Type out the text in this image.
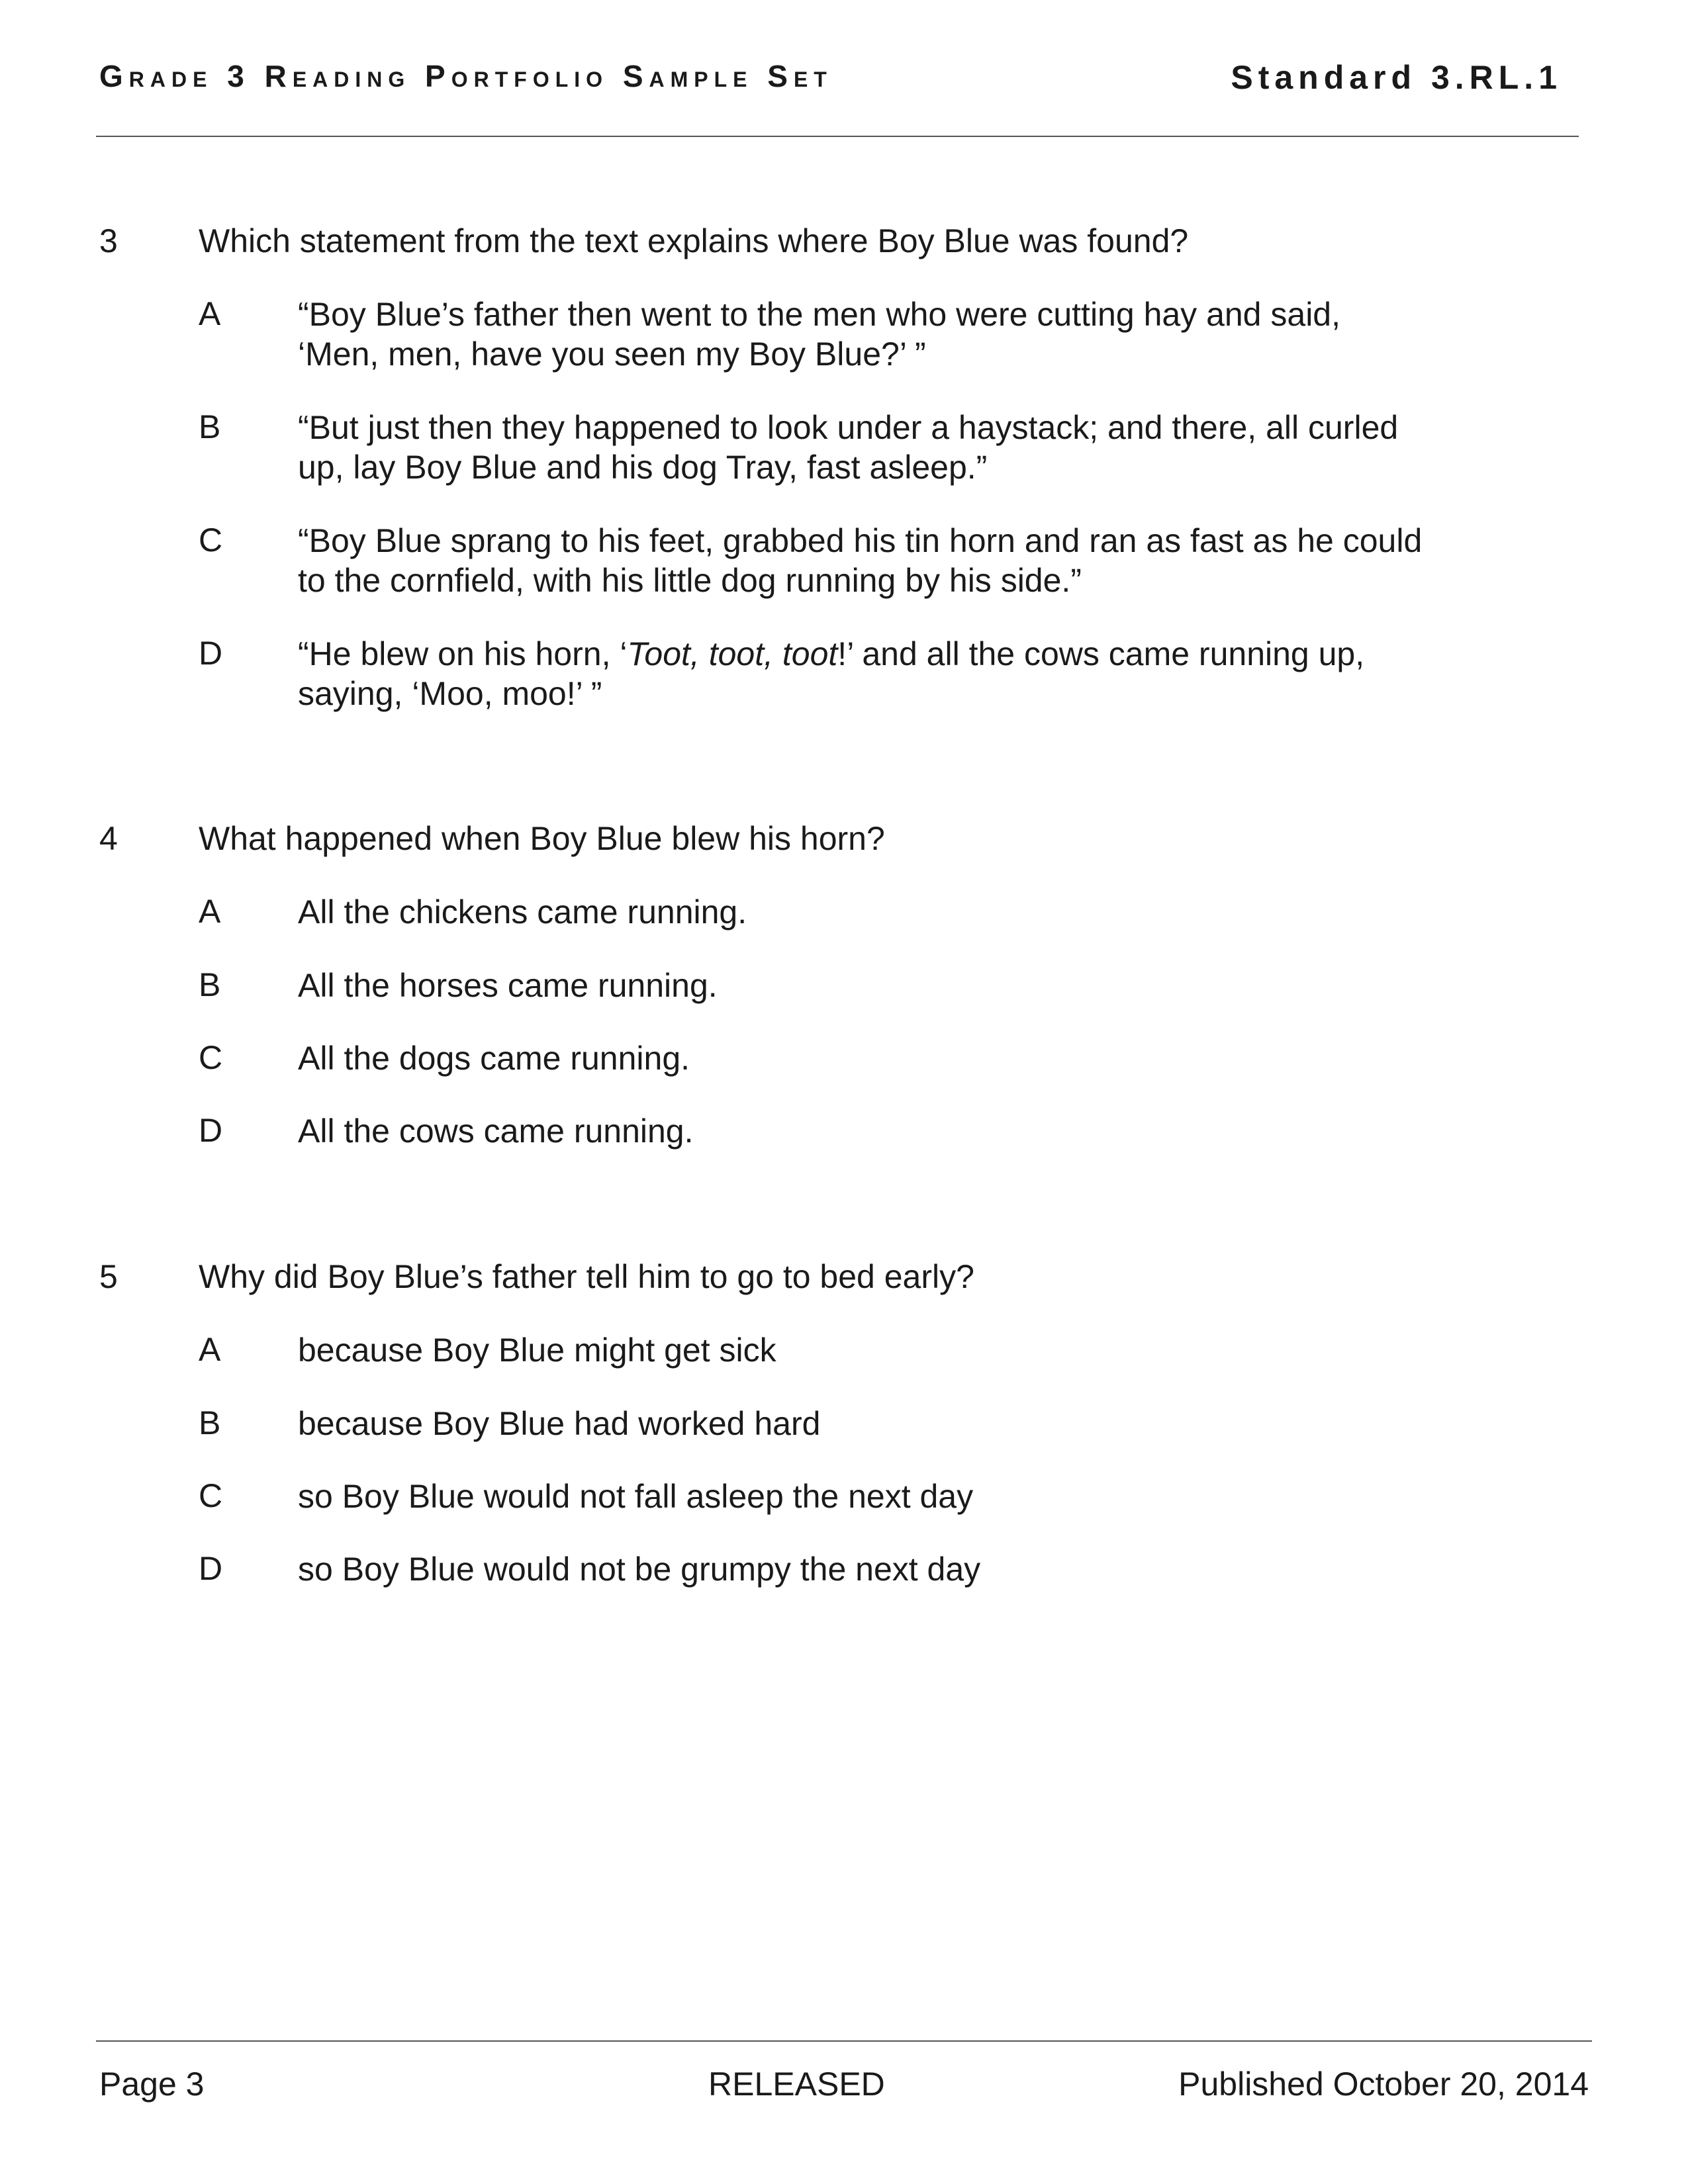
Grade 3 Reading Portfolio Sample Set	Standard 3.RL.1
3 Which statement from the text explains where Boy Blue was found?
A “Boy Blue’s father then went to the men who were cutting hay and said,
‘Men, men, have you seen my Boy Blue?’ ”
B “But just then they happened to look under a haystack; and there, all curled
up, lay Boy Blue and his dog Tray, fast asleep.”
C “Boy Blue sprang to his feet, grabbed his tin horn and ran as fast as he could
to the cornfield, with his little dog running by his side.”
D “He blew on his horn, ‘Toot, toot, toot!’ and all the cows came running up,
saying, ‘Moo, moo!’ ”
4 What happened when Boy Blue blew his horn?
A All the chickens came running.
B All the horses came running.
C All the dogs came running.
D All the cows came running.
5 Why did Boy Blue’s father tell him to go to bed early?
A because Boy Blue might get sick
B because Boy Blue had worked hard
C so Boy Blue would not fall asleep the next day
D so Boy Blue would not be grumpy the next day
Page 3	RELEASED	Published October 20, 2014
